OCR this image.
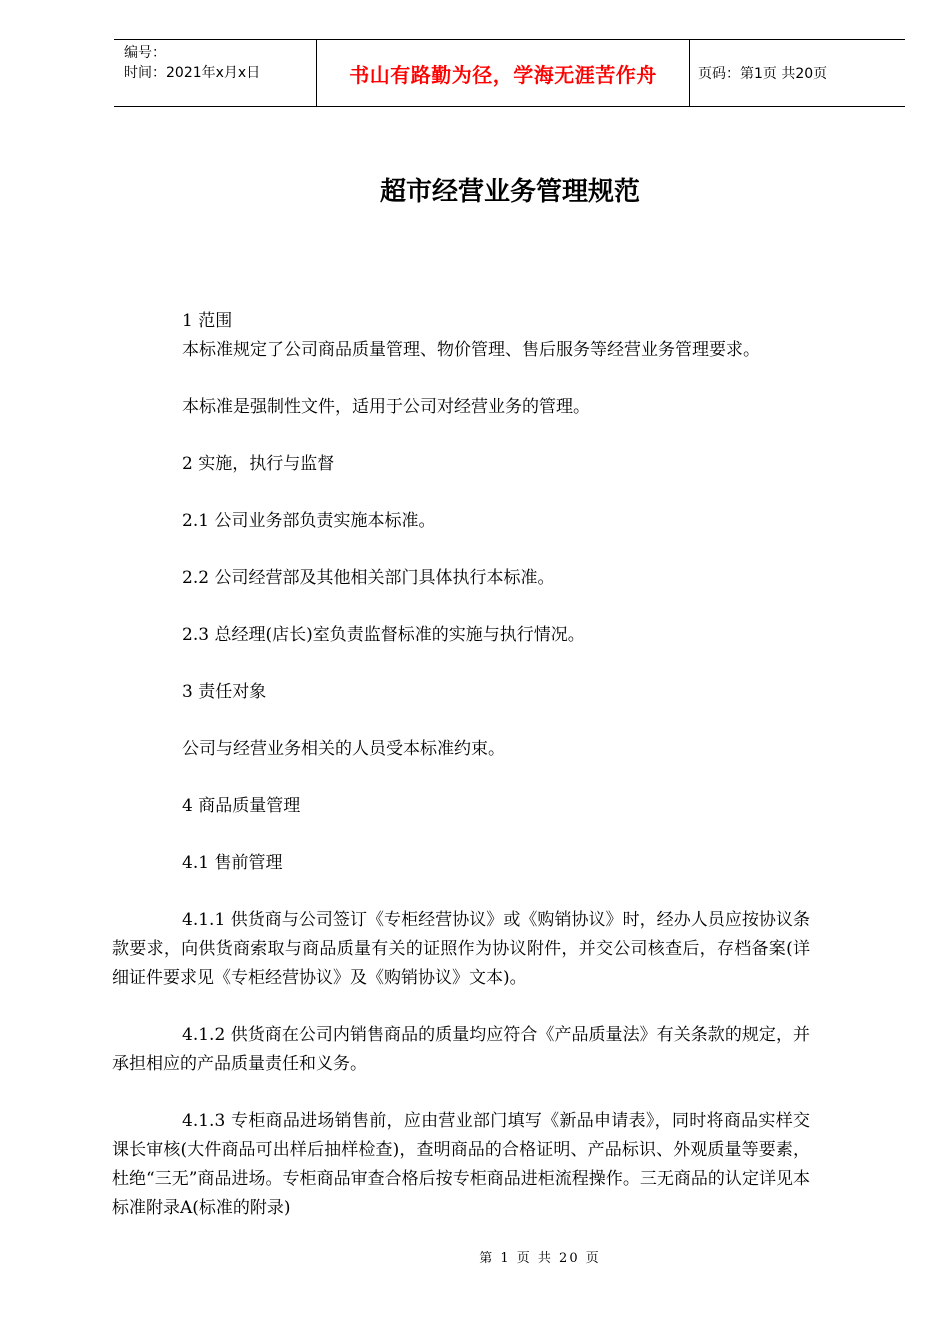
编号：
时间：2021年x月x日	书山有路勤为径，学海无涯苦作舟	页码：第1页 共20页
超市经营业务管理规范

1 范围

本标准规定了公司商品质量管理、物价管理、售后服务等经营业务管理要求。

本标准是强制性文件，适用于公司对经营业务的管理。

2 实施，执行与监督

2.1 公司业务部负责实施本标准。

2.2 公司经营部及其他相关部门具体执行本标准。

2.3 总经理(店长)室负责监督标准的实施与执行情况。

3 责任对象

公司与经营业务相关的人员受本标准约束。

4 商品质量管理

4.1 售前管理

4.1.1 供货商与公司签订《专柜经营协议》或《购销协议》时，经办人员应按协议条款要求，向供货商索取与商品质量有关的证照作为协议附件，并交公司核查后，存档备案(详细证件要求见《专柜经营协议》及《购销协议》文本)。

4.1.2 供货商在公司内销售商品的质量均应符合《产品质量法》有关条款的规定，并承担相应的产品质量责任和义务。

4.1.3 专柜商品进场销售前，应由营业部门填写《新品申请表》，同时将商品实样交课长审核(大件商品可出样后抽样检查)，查明商品的合格证明、产品标识、外观质量等要素，杜绝“三无”商品进场。专柜商品审查合格后按专柜商品进柜流程操作。三无商品的认定详见本标准附录A(标准的附录)

第 1 页 共 20 页
